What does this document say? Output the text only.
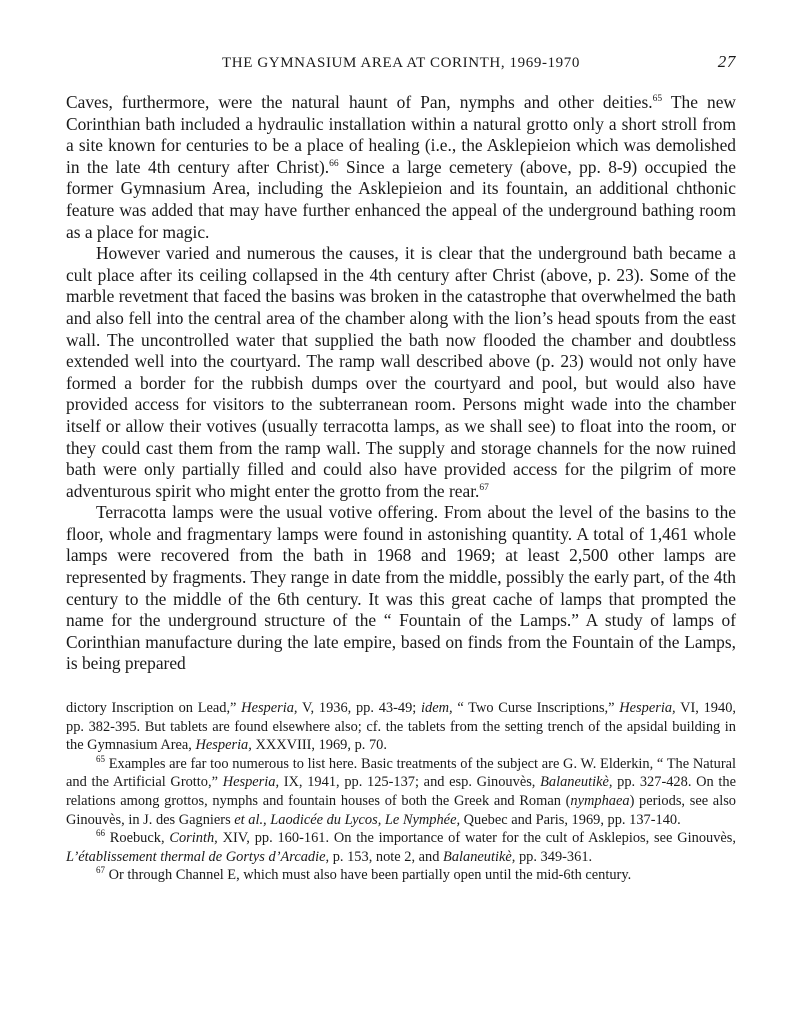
THE GYMNASIUM AREA AT CORINTH, 1969-1970	27

Caves, furthermore, were the natural haunt of Pan, nymphs and other deities.$^{65}$ The new Corinthian bath included a hydraulic installation within a natural grotto only a short stroll from a site known for centuries to be a place of healing (i.e., the Asklepieion which was demolished in the late 4th century after Christ).$^{66}$ Since a large cemetery (above, pp. 8-9) occupied the former Gymnasium Area, including the Asklepieion and its fountain, an additional chthonic feature was added that may have further enhanced the appeal of the underground bathing room as a place for magic.

However varied and numerous the causes, it is clear that the underground bath became a cult place after its ceiling collapsed in the 4th century after Christ (above, p. 23). Some of the marble revetment that faced the basins was broken in the catastrophe that overwhelmed the bath and also fell into the central area of the chamber along with the lion’s head spouts from the east wall. The uncontrolled water that supplied the bath now flooded the chamber and doubtless extended well into the courtyard. The ramp wall described above (p. 23) would not only have formed a border for the rubbish dumps over the courtyard and pool, but would also have provided access for visitors to the subterranean room. Persons might wade into the chamber itself or allow their votives (usually terracotta lamps, as we shall see) to float into the room, or they could cast them from the ramp wall. The supply and storage channels for the now ruined bath were only partially filled and could also have provided access for the pilgrim of more adventurous spirit who might enter the grotto from the rear.$^{67}$

Terracotta lamps were the usual votive offering. From about the level of the basins to the floor, whole and fragmentary lamps were found in astonishing quantity. A total of 1,461 whole lamps were recovered from the bath in 1968 and 1969; at least 2,500 other lamps are represented by fragments. They range in date from the middle, possibly the early part, of the 4th century to the middle of the 6th century. It was this great cache of lamps that prompted the name for the underground structure of the “ Fountain of the Lamps.” A study of lamps of Corinthian manufacture during the late empire, based on finds from the Fountain of the Lamps, is being prepared

dictory Inscription on Lead,” Hesperia, V, 1936, pp. 43-49; idem, “ Two Curse Inscriptions,” Hesperia, VI, 1940, pp. 382-395. But tablets are found elsewhere also; cf. the tablets from the setting trench of the apsidal building in the Gymnasium Area, Hesperia, XXXVIII, 1969, p. 70.

$^{65}$ Examples are far too numerous to list here. Basic treatments of the subject are G. W. Elderkin, “ The Natural and the Artificial Grotto,” Hesperia, IX, 1941, pp. 125-137; and esp. Ginouvès, Balaneutikè, pp. 327-428. On the relations among grottos, nymphs and fountain houses of both the Greek and Roman (nymphaea) periods, see also Ginouvès, in J. des Gagniers et al., Laodicée du Lycos, Le Nymphée, Quebec and Paris, 1969, pp. 137-140.

$^{66}$ Roebuck, Corinth, XIV, pp. 160-161. On the importance of water for the cult of Asklepios, see Ginouvès, L’établissement thermal de Gortys d’Arcadie, p. 153, note 2, and Balaneutikè, pp. 349-361.

$^{67}$ Or through Channel E, which must also have been partially open until the mid-6th century.
